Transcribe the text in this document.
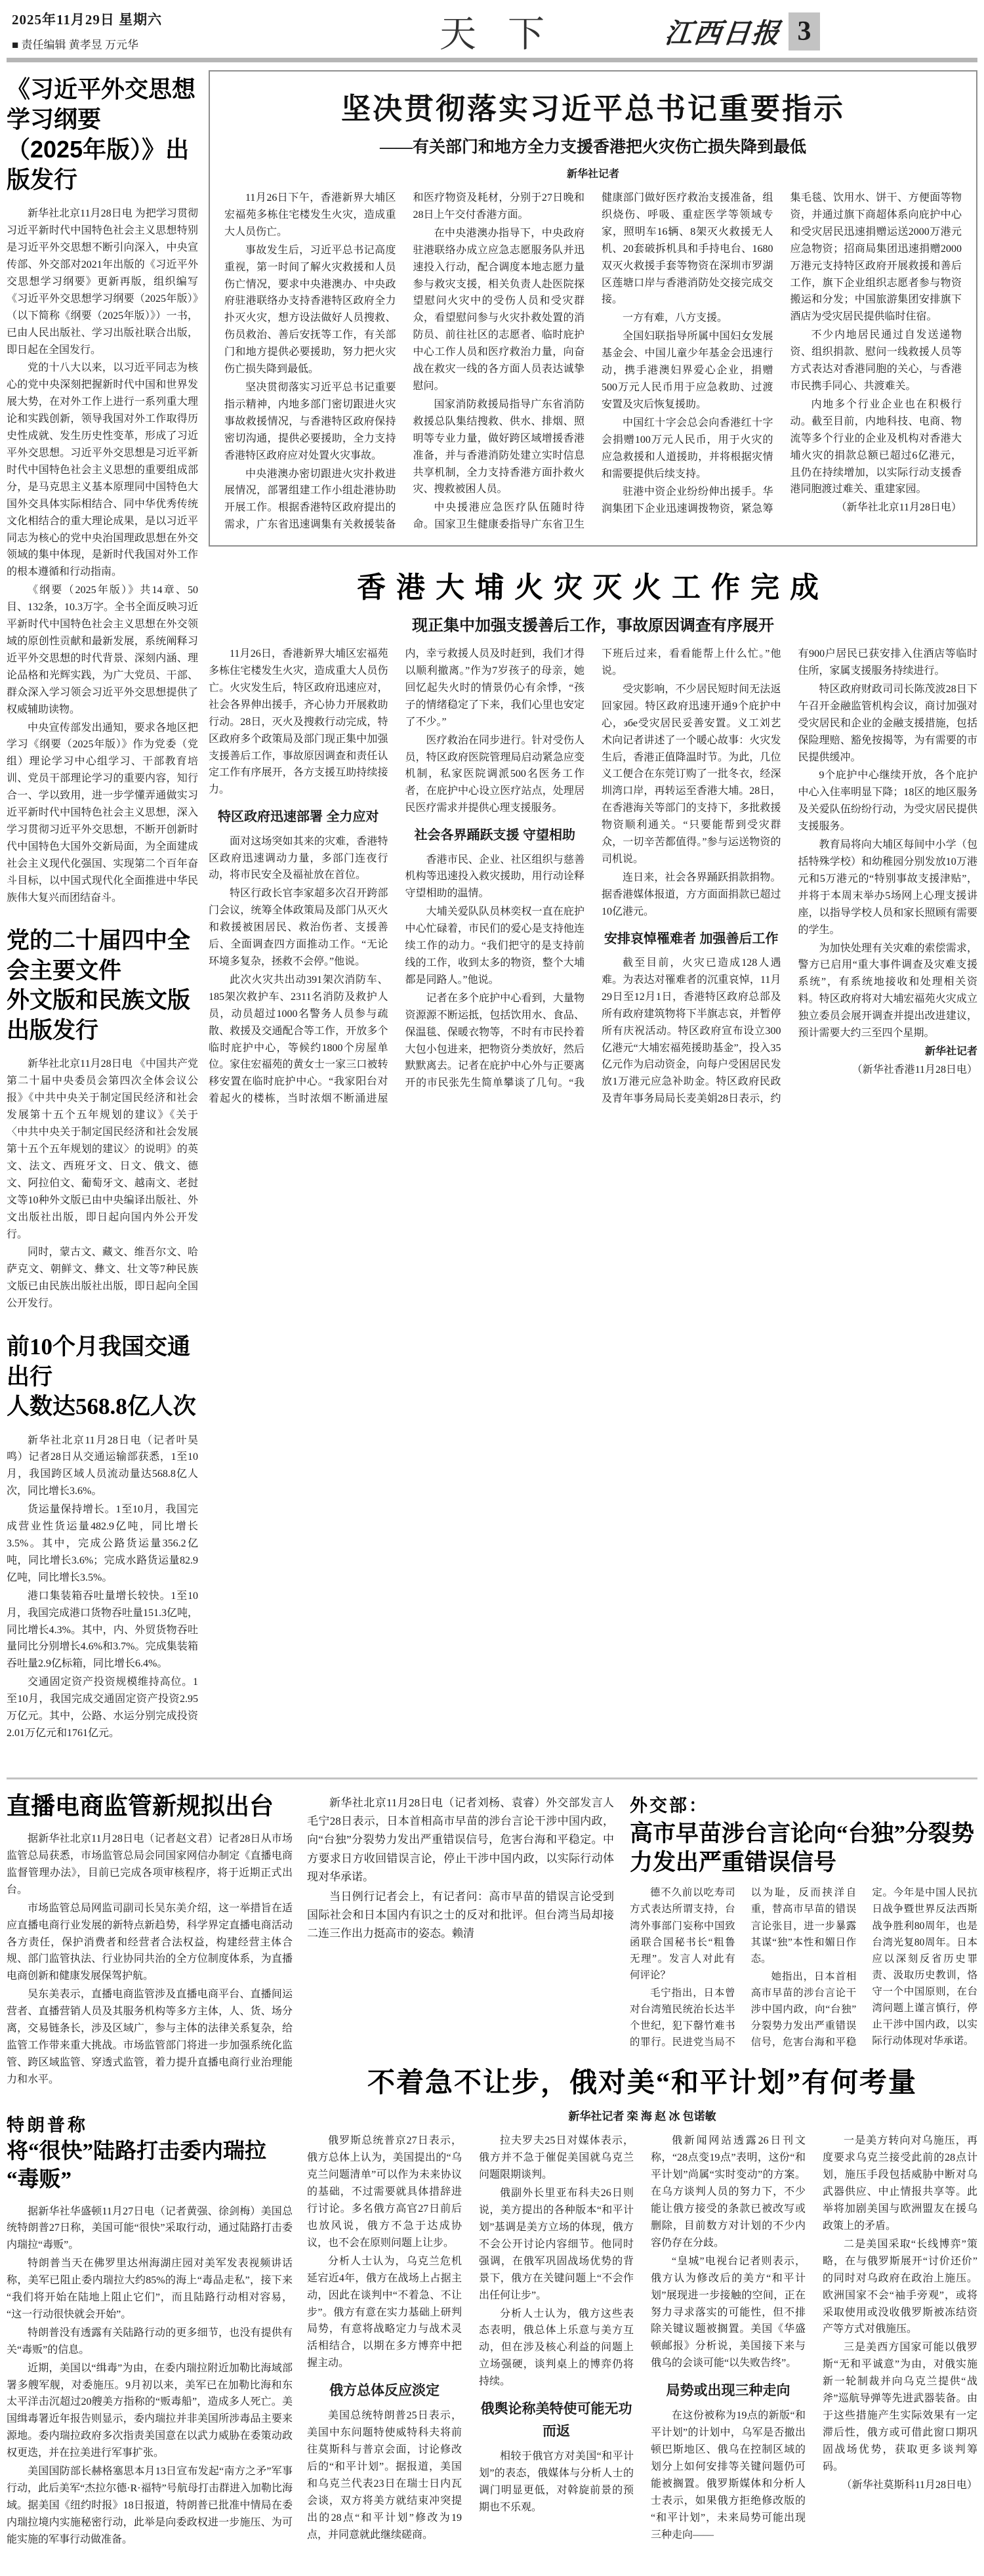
2025年11月29日 星期六
■ 责任编辑 黄孝昱 万元华	天下	江西日报 3
《习近平外交思想学习纲要
（2025年版）》出版发行

新华社北京11月28日电 为把学习贯彻习近平新时代中国特色社会主义思想特别是习近平外交思想不断引向深入，中央宣传部、外交部对2021年出版的《习近平外交思想学习纲要》更新再版，组织编写《习近平外交思想学习纲要（2025年版）》（以下简称《纲要（2025年版）》）一书，已由人民出版社、学习出版社联合出版，即日起在全国发行。

党的十八大以来，以习近平同志为核心的党中央深刻把握新时代中国和世界发展大势，在对外工作上进行一系列重大理论和实践创新，领导我国对外工作取得历史性成就、发生历史性变革，形成了习近平外交思想。习近平外交思想是习近平新时代中国特色社会主义思想的重要组成部分，是马克思主义基本原理同中国特色大国外交具体实际相结合、同中华优秀传统文化相结合的重大理论成果，是以习近平同志为核心的党中央治国理政思想在外交领域的集中体现，是新时代我国对外工作的根本遵循和行动指南。

《纲要（2025年版）》共14章、50目、132条，10.3万字。全书全面反映习近平新时代中国特色社会主义思想在外交领域的原创性贡献和最新发展，系统阐释习近平外交思想的时代背景、深刻内涵、理论品格和光辉实践，为广大党员、干部、群众深入学习领会习近平外交思想提供了权威辅助读物。

中央宣传部发出通知，要求各地区把学习《纲要（2025年版）》作为党委（党组）理论学习中心组学习、干部教育培训、党员干部理论学习的重要内容，知行合一、学以致用，进一步学懂弄通做实习近平新时代中国特色社会主义思想，深入学习贯彻习近平外交思想，不断开创新时代中国特色大国外交新局面，为全面建成社会主义现代化强国、实现第二个百年奋斗目标，以中国式现代化全面推进中华民族伟大复兴而团结奋斗。

党的二十届四中全会主要文件
外文版和民族文版出版发行

新华社北京11月28日电 《中国共产党第二十届中央委员会第四次全体会议公报》《中共中央关于制定国民经济和社会发展第十五个五年规划的建议》《关于〈中共中央关于制定国民经济和社会发展第十五个五年规划的建议〉的说明》的英文、法文、西班牙文、日文、俄文、德文、阿拉伯文、葡萄牙文、越南文、老挝文等10种外文版已由中央编译出版社、外文出版社出版，即日起向国内外公开发行。

同时，蒙古文、藏文、维吾尔文、哈萨克文、朝鲜文、彝文、壮文等7种民族文版已由民族出版社出版，即日起向全国公开发行。

前10个月我国交通出行
人数达568.8亿人次

新华社北京11月28日电（记者叶昊鸣）记者28日从交通运输部获悉，1至10月，我国跨区域人员流动量达568.8亿人次，同比增长3.6%。

货运量保持增长。1至10月，我国完成营业性货运量482.9亿吨，同比增长3.5%。其中，完成公路货运量356.2亿吨，同比增长3.6%；完成水路货运量82.9亿吨，同比增长3.5%。

港口集装箱吞吐量增长较快。1至10月，我国完成港口货物吞吐量151.3亿吨，同比增长4.3%。其中，内、外贸货物吞吐量同比分别增长4.6%和3.7%。完成集装箱吞吐量2.9亿标箱，同比增长6.4%。

交通固定资产投资规模维持高位。1至10月，我国完成交通固定资产投资2.95万亿元。其中，公路、水运分别完成投资2.01万亿元和1761亿元。

坚决贯彻落实习近平总书记重要指示
——有关部门和地方全力支援香港把火灾伤亡损失降到最低
新华社记者

11月26日下午，香港新界大埔区宏福苑多栋住宅楼发生火灾，造成重大人员伤亡。

事故发生后，习近平总书记高度重视，第一时间了解火灾救援和人员伤亡情况，要求中央港澳办、中央政府驻港联络办支持香港特区政府全力扑灭火灾，想方设法做好人员搜救、伤员救治、善后安抚等工作，有关部门和地方提供必要援助，努力把火灾伤亡损失降到最低。

坚决贯彻落实习近平总书记重要指示精神，内地多部门密切跟进火灾事故救援情况，与香港特区政府保持密切沟通，提供必要援助，全力支持香港特区政府应对处置火灾事故。

中央港澳办密切跟进火灾扑救进展情况，部署组建工作小组赴港协助开展工作。根据香港特区政府提出的需求，广东省迅速调集有关救援装备和医疗物资及耗材，分别于27日晚和28日上午交付香港方面。

在中央港澳办指导下，中央政府驻港联络办成立应急志愿服务队并迅速投入行动，配合调度本地志愿力量参与救灾支援，相关负责人赴医院探望慰问火灾中的受伤人员和受灾群众，看望慰问参与火灾扑救处置的消防员、前往社区的志愿者、临时庇护中心工作人员和医疗救治力量，向奋战在救灾一线的各方面人员表达诚挚慰问。

国家消防救援局指导广东省消防救援总队集结搜救、供水、排烟、照明等专业力量，做好跨区域增援香港准备，并与香港消防处建立实时信息共享机制，全力支持香港方面扑救火灾、搜救被困人员。

中央援港应急医疗队伍随时待命。国家卫生健康委指导广东省卫生健康部门做好医疗救治支援准备，组织烧伤、呼吸、重症医学等领域专家，照明车16辆、8架灭火救援无人机、20套破拆机具和手持电台、1680双灭火救援手套等物资在深圳市罗湖区莲塘口岸与香港消防处交接完成交接。

一方有难，八方支援。

全国妇联指导所属中国妇女发展基金会、中国儿童少年基金会迅速行动，携手港澳妇界爱心企业，捐赠500万元人民币用于应急救助、过渡安置及灾后恢复援助。

中国红十字会总会向香港红十字会捐赠100万元人民币，用于火灾的应急救援和人道援助，并将根据灾情和需要提供后续支持。

驻港中资企业纷纷伸出援手。华润集团下企业迅速调拨物资，紧急筹集毛毯、饮用水、饼干、方便面等物资，并通过旗下商超体系向庇护中心和受灾居民迅速捐赠运送2000万港元应急物资；招商局集团迅速捐赠2000万港元支持特区政府开展救援和善后工作，旗下企业组织志愿者参与物资搬运和分发；中国旅游集团安排旗下酒店为受灾居民提供临时住宿。

不少内地居民通过自发送递物资、组织捐款、慰问一线救援人员等方式表达对香港同胞的关心，与香港市民携手同心、共渡难关。

内地多个行业企业也在积极行动。截至目前，内地科技、电商、物流等多个行业的企业及机构对香港大埔火灾的捐款总额已超过6亿港元，且仍在持续增加，以实际行动支援香港同胞渡过难关、重建家园。

（新华社北京11月28日电）

香港大埔火灾灭火工作完成
现正集中加强支援善后工作，事故原因调查有序展开

11月26日，香港新界大埔区宏福苑多栋住宅楼发生火灾，造成重大人员伤亡。火灾发生后，特区政府迅速应对，社会各界伸出援手，齐心协力开展救助行动。28日，灭火及搜救行动完成，特区政府多个政策局及部门现正集中加强支援善后工作，事故原因调查和责任认定工作有序展开，各方支援互助持续接力。

特区政府迅速部署 全力应对

面对这场突如其来的灾难，香港特区政府迅速调动力量，多部门连夜行动，将市民安全及福祉放在首位。

特区行政长官李家超多次召开跨部门会议，统筹全体政策局及部门从灭火和救援被困居民、救治伤者、支援善后、全面调查四方面推动工作。“无论环境多复杂，拯救不会停。”他说。

此次火灾共出动391架次消防车、185架次救护车、2311名消防及救护人员，动员超过1000名警务人员参与疏散、救援及交通配合等工作，开放多个临时庇护中心，等候约1800个房屋单位。家住宏福苑的黄女士一家三口被转移安置在临时庇护中心。“我家阳台对着起火的楼栋，当时浓烟不断涌进屋内，幸亏救援人员及时赶到，我们才得以顺利撤离。”作为7岁孩子的母亲，她回忆起失火时的情景仍心有余悸，“孩子的情绪稳定了下来，我们心里也安定了不少。”

医疗救治在同步进行。针对受伤人员，特区政府医院管理局启动紧急应变机制，私家医院调派500名医务工作者，在庇护中心设立医疗站点，处理居民医疗需求并提供心理支援服务。

社会各界踊跃支援 守望相助

香港市民、企业、社区组织与慈善机构等迅速投入救灾援助，用行动诠释守望相助的温情。

大埔关爱队队员林奕权一直在庇护中心忙碌着，市民们的爱心是支持他连续工作的动力。“我们把守的是支持前线的工作，收到太多的物资，整个大埔都是同路人。”他说。

记者在多个庇护中心看到，大量物资源源不断运抵，包括饮用水、食品、保温毯、保暖衣物等，不时有市民拎着大包小包进来，把物资分类放好，然后默默离去。记者在庇护中心外与正要离开的市民张先生简单攀谈了几句。“我下班后过来，看看能帮上什么忙。”他说。

受灾影响，不少居民短时间无法返回家园。特区政府迅速开通9个庇护中心，збе受灾居民妥善安置。义工刘艺术向记者讲述了一个暖心故事：火灾发生后，香港正值降温时节。为此，几位义工便合在东莞订购了一批冬衣，经深圳湾口岸，再转运至香港大埔。28日，在香港海关等部门的支持下，多批救援物资顺利通关。“只要能帮到受灾群众，一切辛苦都值得。”参与运送物资的司机说。

连日来，社会各界踊跃捐款捐物。据香港媒体报道，方方面面捐款已超过10亿港元。

安排哀悼罹难者 加强善后工作

截至目前，火灾已造成128人遇难。为表达对罹难者的沉重哀悼，11月29日至12月1日，香港特区政府总部及所有政府建筑物将下半旗志哀，并暂停所有庆祝活动。特区政府宣布设立300亿港元“大埔宏福苑援助基金”，投入35亿元作为启动资金，向每户受困居民发放1万港元应急补助金。特区政府民政及青年事务局局长麦美娟28日表示，约有900户居民已获安排入住酒店等临时住所，家属支援服务持续进行。

特区政府财政司司长陈茂波28日下午召开金融监管机构会议，商讨加强对受灾居民和企业的金融支援措施，包括保险理赔、豁免按揭等，为有需要的市民提供缓冲。

9个庇护中心继续开放，各个庇护中心入住率明显下降；18区的地区服务及关爱队伍纷纷行动，为受灾居民提供支援服务。

教育局将向大埔区每间中小学（包括特殊学校）和幼稚园分别发放10万港元和5万港元的“特别事故支援津贴”，并将于本周末举办5场网上心理支援讲座，以指导学校人员和家长照顾有需要的学生。

为加快处理有关灾难的索偿需求，警方已启用“重大事件调查及灾难支援系统”，有系统地接收和处理相关资料。特区政府将对大埔宏福苑火灾成立独立委员会展开调查并提出改进建议，预计需要大约三至四个星期。

新华社记者

（新华社香港11月28日电）

直播电商监管新规拟出台

据新华社北京11月28日电（记者赵文君）记者28日从市场监管总局获悉，市场监管总局会同国家网信办制定《直播电商监督管理办法》，目前已完成各项审核程序，将于近期正式出台。

市场监管总局网监司副司长吴东美介绍，这一举措旨在适应直播电商行业发展的新特点新趋势，科学界定直播电商活动各方责任，保护消费者和经营者合法权益，构建经营主体合规、部门监管执法、行业协同共治的全方位制度体系，为直播电商创新和健康发展保驾护航。

吴东美表示，直播电商监管涉及直播电商平台、直播间运营者、直播营销人员及其服务机构等多方主体，人、货、场分离，交易链条长，涉及区域广，参与主体的法律关系复杂，给监管工作带来重大挑战。市场监管部门将进一步加强系统化监管、跨区域监管、穿透式监管，着力提升直播电商行业治理能力和水平。

特朗普称
将“很快”陆路打击委内瑞拉“毒贩”

据新华社华盛顿11月27日电（记者黄强、徐剑梅）美国总统特朗普27日称，美国可能“很快”采取行动，通过陆路打击委内瑞拉“毒贩”。

特朗普当天在佛罗里达州海湖庄园对美军发表视频讲话称，美军已阻止委内瑞拉大约85%的海上“毒品走私”，接下来“我们将开始在陆地上阻止它们”，而且陆路行动相对容易，“这一行动很快就会开始”。

特朗普没有透露有关陆路行动的更多细节，也没有提供有关“毒贩”的信息。

近期，美国以“缉毒”为由，在委内瑞拉附近加勒比海域部署多艘军舰，对委施压。9月初以来，美军已在加勒比海和东太平洋击沉超过20艘美方指称的“贩毒船”，造成多人死亡。美国缉毒署近年报告则显示，委内瑞拉并非美国所涉毒品主要来源地。委内瑞拉政府多次指责美国意在以武力威胁在委策动政权更迭，并在拉美进行军事扩张。

美国国防部长赫格塞思本月13日宣布发起“南方之矛”军事行动，此后美军“杰拉尔德·R·福特”号航母打击群进入加勒比海域。据美国《纽约时报》18日报道，特朗普已批准中情局在委内瑞拉境内实施秘密行动，此举是向委政权进一步施压、为可能实施的军事行动做准备。

新华社北京11月28日电（记者刘杨、袁睿）外交部发言人毛宁28日表示，日本首相高市早苗的涉台言论干涉中国内政，向“台独”分裂势力发出严重错误信号，危害台海和平稳定。中方要求日方收回错误言论，停止干涉中国内政，以实际行动体现对华承诺。

当日例行记者会上，有记者问：高市早苗的错误言论受到国际社会和日本国内有识之士的反对和批评。但台湾当局却接二连三作出力挺高市的姿态。赖清

外交部：
高市早苗涉台言论向“台独”分裂势力发出严重错误信号

德不久前以吃寿司方式表达所谓支持，台湾外事部门妄称中国致函联合国秘书长“粗鲁无理”。发言人对此有何评论？

毛宁指出，日本曾对台湾殖民统治长达半个世纪，犯下罄竹难书的罪行。民进党当局不以为耻，反而挟洋自重，替高市早苗的错误言论张目，进一步暴露其谋“独”本性和媚日作态。

她指出，日本首相高市早苗的涉台言论干涉中国内政，向“台独”分裂势力发出严重错误信号，危害台海和平稳定。今年是中国人民抗日战争暨世界反法西斯战争胜利80周年，也是台湾光复80周年。日本应以深刻反省历史罪责、汲取历史教训，恪守一个中国原则，在台湾问题上谨言慎行，停止干涉中国内政，以实际行动体现对华承诺。

不着急不让步，俄对美“和平计划”有何考量
新华社记者 栾 海 赵 冰 包诺敏

俄罗斯总统普京27日表示，俄方总体上认为，美国提出的“乌克兰问题清单”可以作为未来协议的基础，不过需要就具体措辞进行讨论。多名俄方高官27日前后也放风说，俄方不急于达成协议，也不会在原则问题上让步。

分析人士认为，乌克兰危机延宕近4年，俄方在战场上占据主动，因此在谈判中“不着急、不让步”。俄方有意在实力基础上研判局势，有意将战略定力与战术灵活相结合，以期在多方博弈中把握主动。

俄方总体反应淡定

美国总统特朗普25日表示，美国中东问题特使威特科夫将前往莫斯科与普京会面，讨论修改后的“和平计划”。据报道，美国和乌克兰代表23日在瑞士日内瓦会谈，双方将美方就结束冲突提出的28点“和平计划”修改为19点，并同意就此继续磋商。

拉夫罗夫25日对媒体表示，俄方并不急于催促美国就乌克兰问题限期谈判。

俄副外长里亚布科夫26日则说，美方提出的各种版本“和平计划”基调是美方立场的体现，俄方不会公开讨论内容细节。他同时强调，在俄军巩固战场优势的背景下，俄方在关键问题上“不会作出任何让步”。

分析人士认为，俄方这些表态表明，俄总体上乐意与美方互动，但在涉及核心利益的问题上立场强硬，谈判桌上的博弈仍将持续。

俄舆论称美特使可能无功而返

相较于俄官方对美国“和平计划”的表态，俄媒体与分析人士的调门明显更低，对斡旋前景的预期也不乐观。

俄新闻网站透露26日刊文称，“28点变19点”表明，这份“和平计划”尚属“实时变动”的方案。在乌方谈判人员的努力下，不少能让俄方接受的条款已被改写或删除，目前数方对计划的不少内容仍存在分歧。

“皇城”电视台记者则表示，俄方认为修改后的美方“和平计划”展现进一步接触的空间，正在努力寻求落实的可能性，但不排除关键议题被搁置。美国《华盛顿邮报》分析说，美国接下来与俄乌的会谈可能“以失败告终”。

局势或出现三种走向

在这份被称为19点的新版“和平计划”的计划中，乌军是否撤出顿巴斯地区、俄乌在控制区域的划分上如何安排等关键问题仍可能被搁置。俄罗斯媒体和分析人士表示，如果俄方拒绝修改版的“和平计划”，未来局势可能出现三种走向——

一是美方转向对乌施压，再度要求乌克兰接受此前的28点计划，施压手段包括威胁中断对乌武器供应、中止情报共享等。此举将加剧美国与欧洲盟友在援乌政策上的矛盾。

二是美国采取“长线博弈”策略，在与俄罗斯展开“讨价还价”的同时对乌政府在政治上施压。欧洲国家不会“袖手旁观”，或将采取使用或没收俄罗斯被冻结资产等方式对俄施压。

三是美西方国家可能以俄罗斯“无和平诚意”为由，对俄实施新一轮制裁并向乌克兰提供“战斧”巡航导弹等先进武器装备。由于这些措施产生实际效果有一定滞后性，俄方或可借此窗口期巩固战场优势，获取更多谈判筹码。

（新华社莫斯科11月28日电）
